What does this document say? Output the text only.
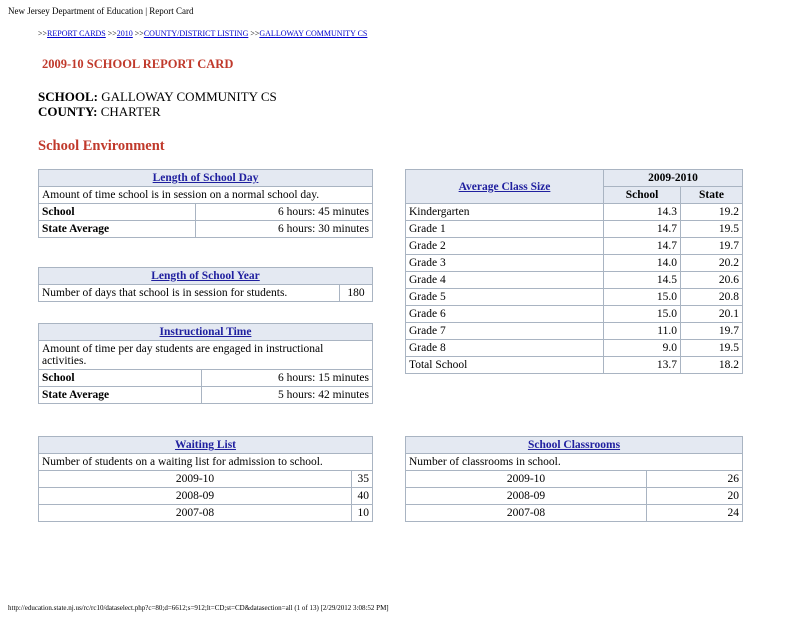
New Jersey Department of Education | Report Card
>>REPORT CARDS >>2010 >>COUNTY/DISTRICT LISTING >>GALLOWAY COMMUNITY CS
2009-10 SCHOOL REPORT CARD
SCHOOL: GALLOWAY COMMUNITY CS
COUNTY: CHARTER
School Environment
Length of School Day	
Amount of time school is in session on a normal school day.	
School	6 hours: 45 minutes
State Average	6 hours: 30 minutes
Length of School Year
Number of days that school is in session for students.	180
Instructional Time	
Amount of time per day students are engaged in instructional activities.	
School	6 hours: 15 minutes
State Average	5 hours: 42 minutes
Average Class Size	2009-2010	
	School	State
Kindergarten	14.3	19.2
Grade 1	14.7	19.5
Grade 2	14.7	19.7
Grade 3	14.0	20.2
Grade 4	14.5	20.6
Grade 5	15.0	20.8
Grade 6	15.0	20.1
Grade 7	11.0	19.7
Grade 8	9.0	19.5
Total School	13.7	18.2
Waiting List	
Number of students on a waiting list for admission to school.	
2009-10	35
2008-09	40
2007-08	10
School Classrooms	
Number of classrooms in school.	
2009-10	26
2008-09	20
2007-08	24
http://education.state.nj.us/rc/rc10/dataselect.php?c=80;d=6612;s=912;lt=CD;st=CD&datasection=all (1 of 13) [2/29/2012 3:08:52 PM]
